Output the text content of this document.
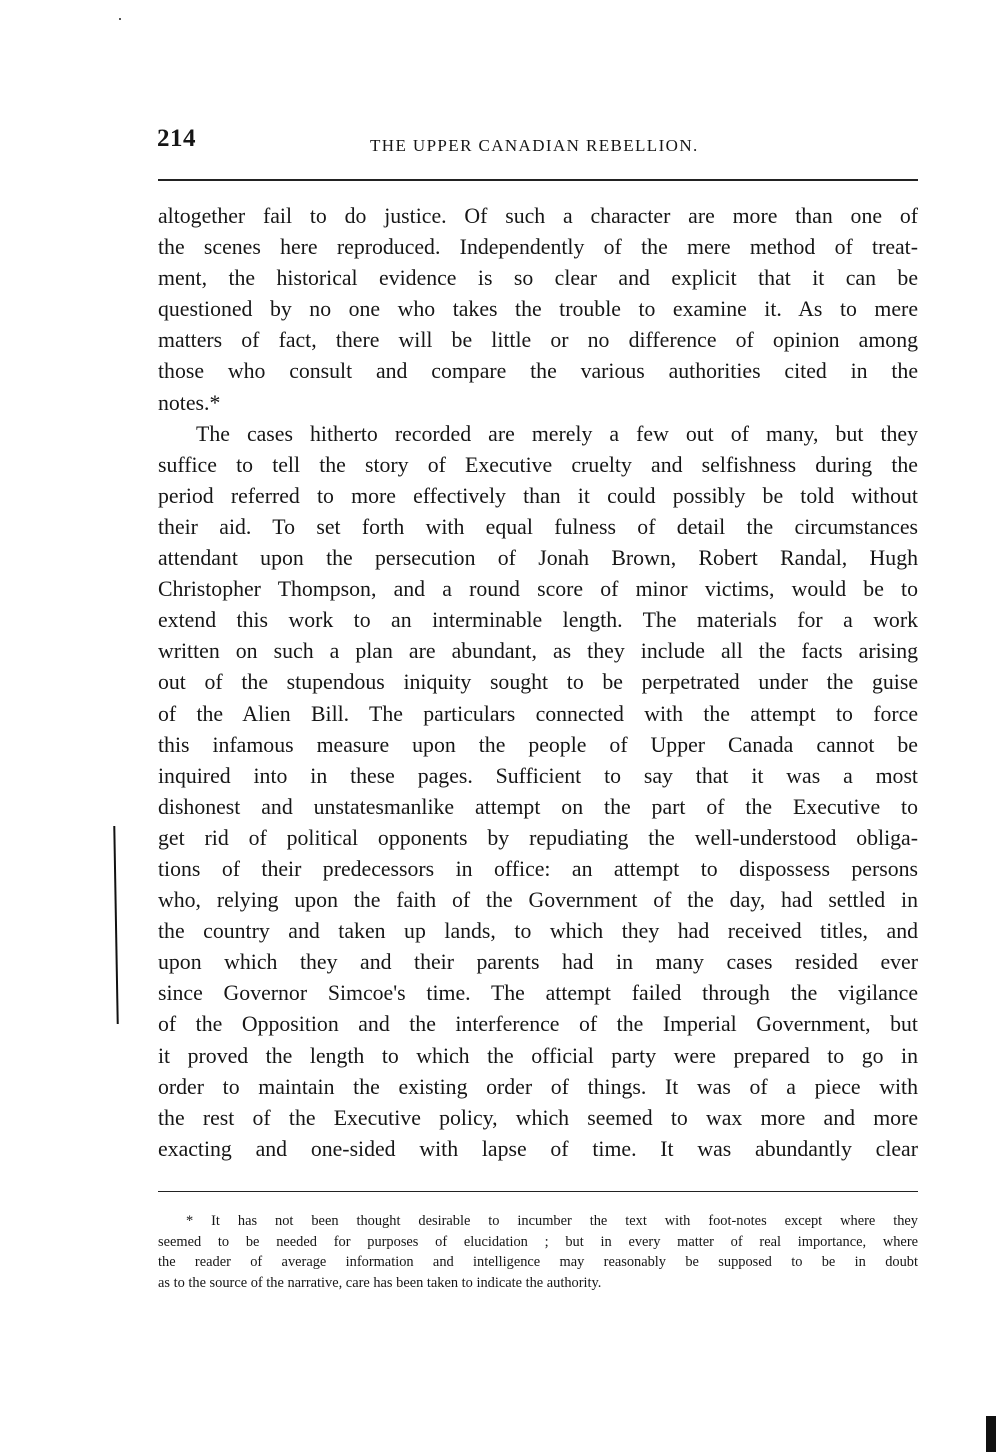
214	THE UPPER CANADIAN REBELLION.
altogether fail to do justice. Of such a character are more than one of
the scenes here reproduced. Independently of the mere method of treat-
ment, the historical evidence is so clear and explicit that it can be
questioned by no one who takes the trouble to examine it. As to mere
matters of fact, there will be little or no difference of opinion among
those who consult and compare the various authorities cited in the
notes.*
The cases hitherto recorded are merely a few out of many, but they
suffice to tell the story of Executive cruelty and selfishness during the
period referred to more effectively than it could possibly be told without
their aid. To set forth with equal fulness of detail the circumstances
attendant upon the persecution of Jonah Brown, Robert Randal, Hugh
Christopher Thompson, and a round score of minor victims, would be to
extend this work to an interminable length. The materials for a work
written on such a plan are abundant, as they include all the facts arising
out of the stupendous iniquity sought to be perpetrated under the guise
of the Alien Bill. The particulars connected with the attempt to force
this infamous measure upon the people of Upper Canada cannot be
inquired into in these pages. Sufficient to say that it was a most
dishonest and unstatesmanlike attempt on the part of the Executive to
get rid of political opponents by repudiating the well-understood obliga-
tions of their predecessors in office: an attempt to dispossess persons
who, relying upon the faith of the Government of the day, had settled in
the country and taken up lands, to which they had received titles, and
upon which they and their parents had in many cases resided ever
since Governor Simcoe's time. The attempt failed through the vigilance
of the Opposition and the interference of the Imperial Government, but
it proved the length to which the official party were prepared to go in
order to maintain the existing order of things. It was of a piece with
the rest of the Executive policy, which seemed to wax more and more
exacting and one-sided with lapse of time. It was abundantly clear
* It has not been thought desirable to incumber the text with foot-notes except where they
seemed to be needed for purposes of elucidation ; but in every matter of real importance, where
the reader of average information and intelligence may reasonably be supposed to be in doubt
as to the source of the narrative, care has been taken to indicate the authority.
